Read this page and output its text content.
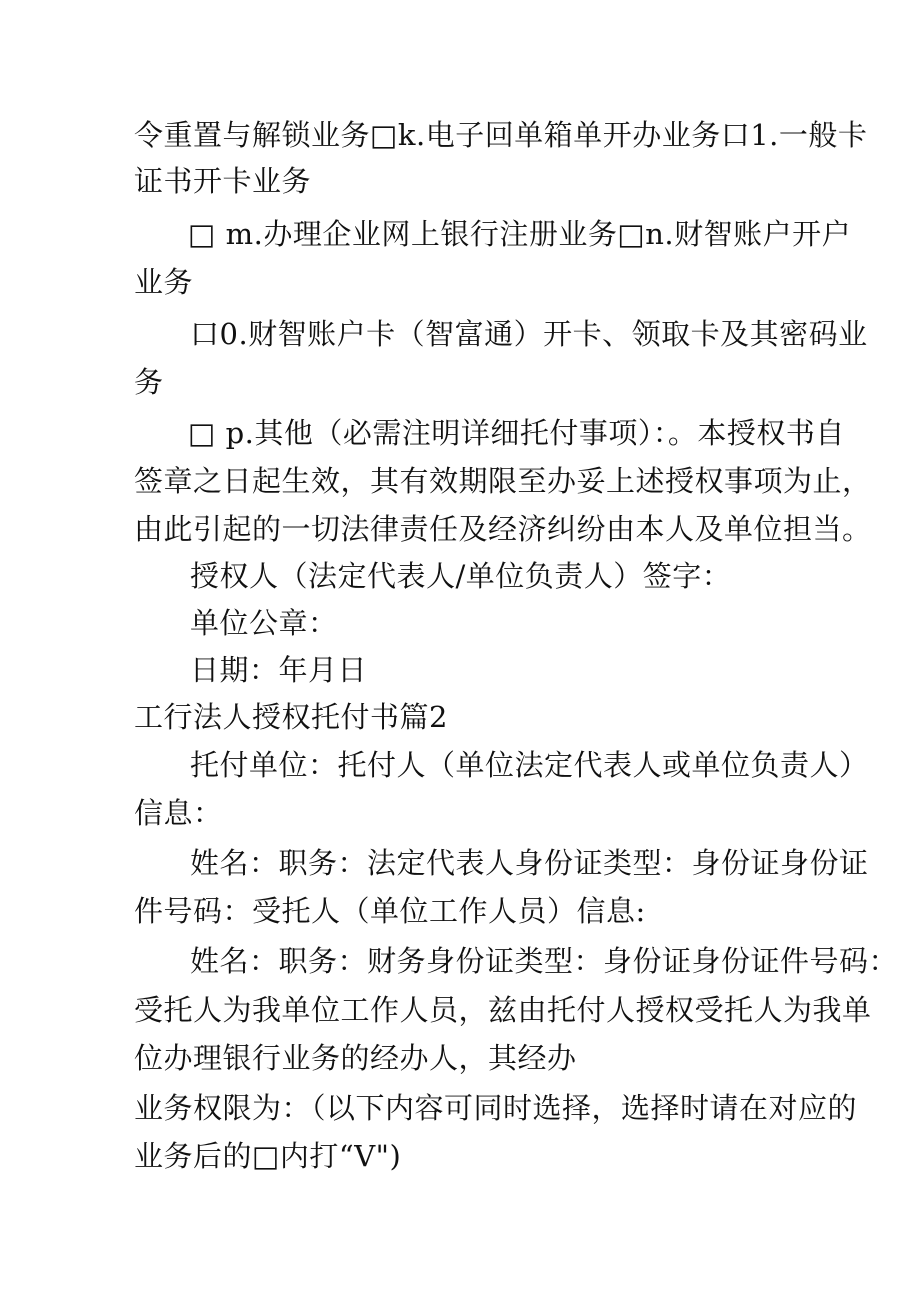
令重置与解锁业务□k.电子回单箱单开办业务口1.一般卡
证书开卡业务
□ m.办理企业网上银行注册业务□n.财智账户开户
业务
口0.财智账户卡（智富通）开卡、领取卡及其密码业
务
□ p.其他（必需注明详细托付事项）：。本授权书自
签章之日起生效，其有效期限至办妥上述授权事项为止，
由此引起的一切法律责任及经济纠纷由本人及单位担当。
授权人（法定代表人/单位负责人）签字：
单位公章：
日期：年月日
工行法人授权托付书篇2
托付单位：托付人（单位法定代表人或单位负责人）
信息：
姓名：职务：法定代表人身份证类型：身份证身份证
件号码：受托人（单位工作人员）信息:
姓名：职务：财务身份证类型：身份证身份证件号码：
受托人为我单位工作人员，兹由托付人授权受托人为我单
位办理银行业务的经办人，其经办
业务权限为：（以下内容可同时选择，选择时请在对应的
业务后的□内打“V")
